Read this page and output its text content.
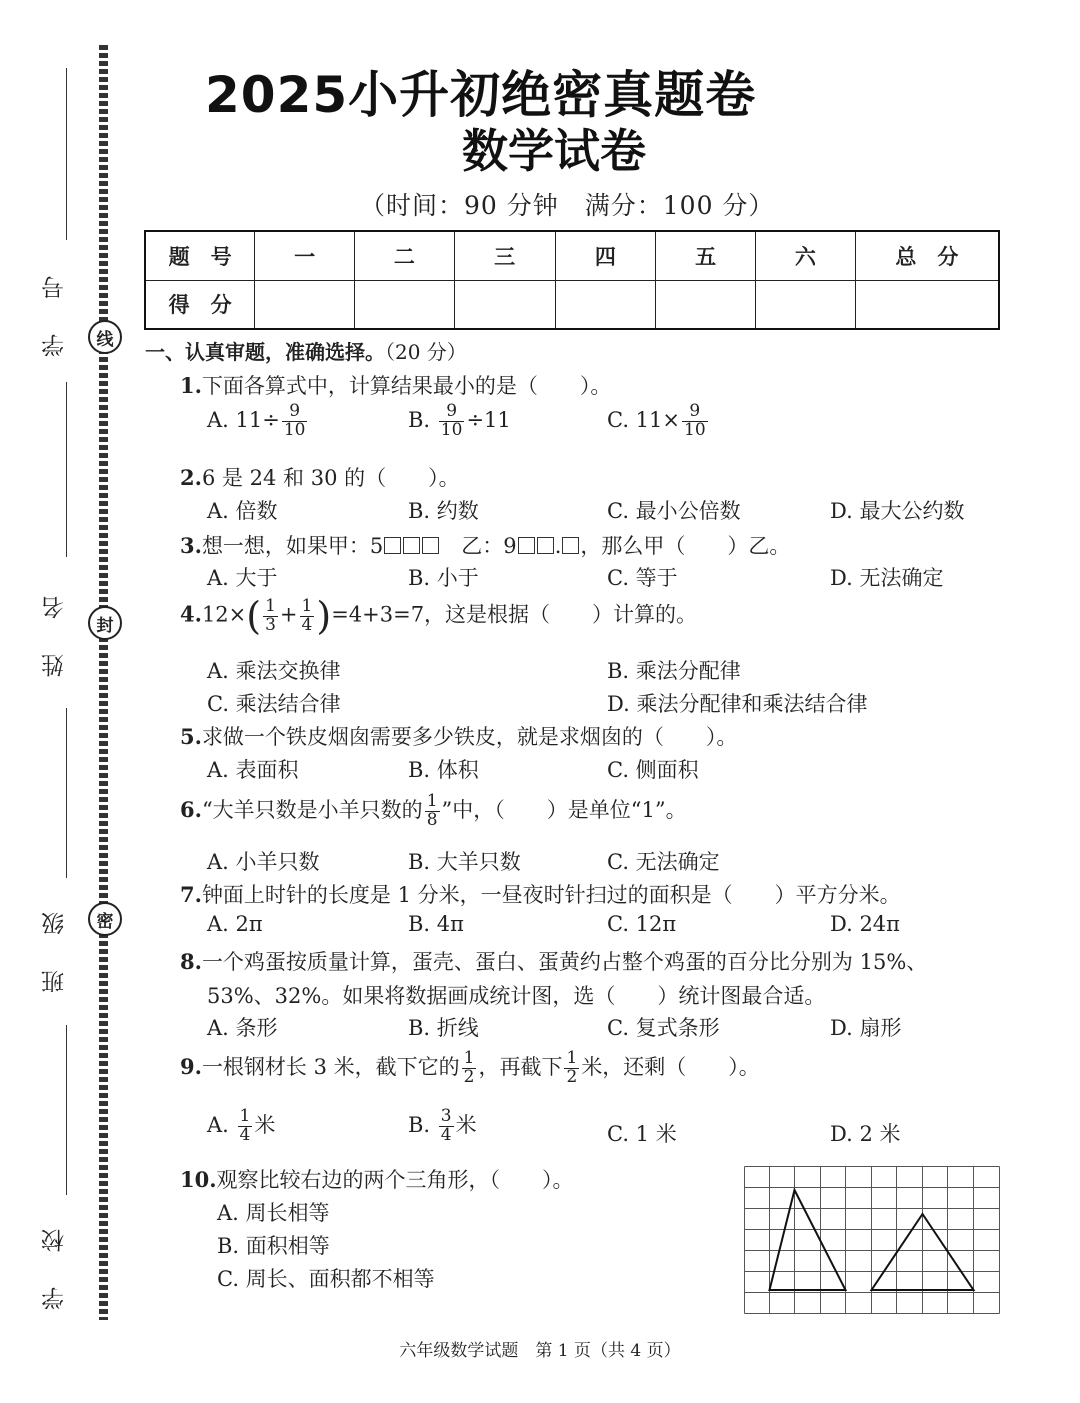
学 号
姓 名
班 级
学 校
线
封
密
2025小升初绝密真题卷
数学试卷
（时间：90 分钟　满分：100 分）
题　号	一	二	三	四	五	六	总　分
得　分							
一、认真审题，准确选择。（20 分）
1.下面各算式中，计算结果最小的是（　　）。
A. $11\div \frac{9}{10}$	B. $\frac{9}{10} \div 11$	C. $11\times \frac{9}{10}$
2.6 是 24 和 30 的（　　）。
A. 倍数	B. 约数	C. 最小公倍数	D. 最大公约数
3.想一想，如果甲：5	　乙：9 . ，那么甲（　　）乙。
A. 大于	B. 小于	C. 等于	D. 无法确定
$4.12\times( \frac{1}{3} + \frac{1}{4} )=4+3=7$，这是根据（　　）计算的。
A. 乘法交换律	B. 乘法分配律
C. 乘法结合律	D. 乘法分配律和乘法结合律
5.求做一个铁皮烟囱需要多少铁皮，就是求烟囱的（　　）。
A. 表面积	B. 体积	C. 侧面积
6.“大羊只数是小羊只数的 $\frac{1}{8}$ ”中，（　　）是单位“1”。
A. 小羊只数	B. 大羊只数	C. 无法确定
7.钟面上时针的长度是 1 分米，一昼夜时针扫过的面积是（　　）平方分米。
A. 2π	B. 4π	C. 12π	D. 24π
8.一个鸡蛋按质量计算，蛋壳、蛋白、蛋黄约占整个鸡蛋的百分比分别为 15%、
53%、32%。如果将数据画成统计图，选（　　）统计图最合适。
A. 条形	B. 折线	C. 复式条形	D. 扇形
9.一根钢材长 3 米，截下它的 $\frac{1}{2}$ ，再截下 $\frac{1}{2}$ 米，还剩（　　）。
A. $\frac{1}{4}$ 米	B. $\frac{3}{4}$ 米	C. 1 米	D. 2 米
10.观察比较右边的两个三角形，（　　）。
A. 周长相等
B. 面积相等
C. 周长、面积都不相等
六年级数学试题　第 1 页（共 4 页）
